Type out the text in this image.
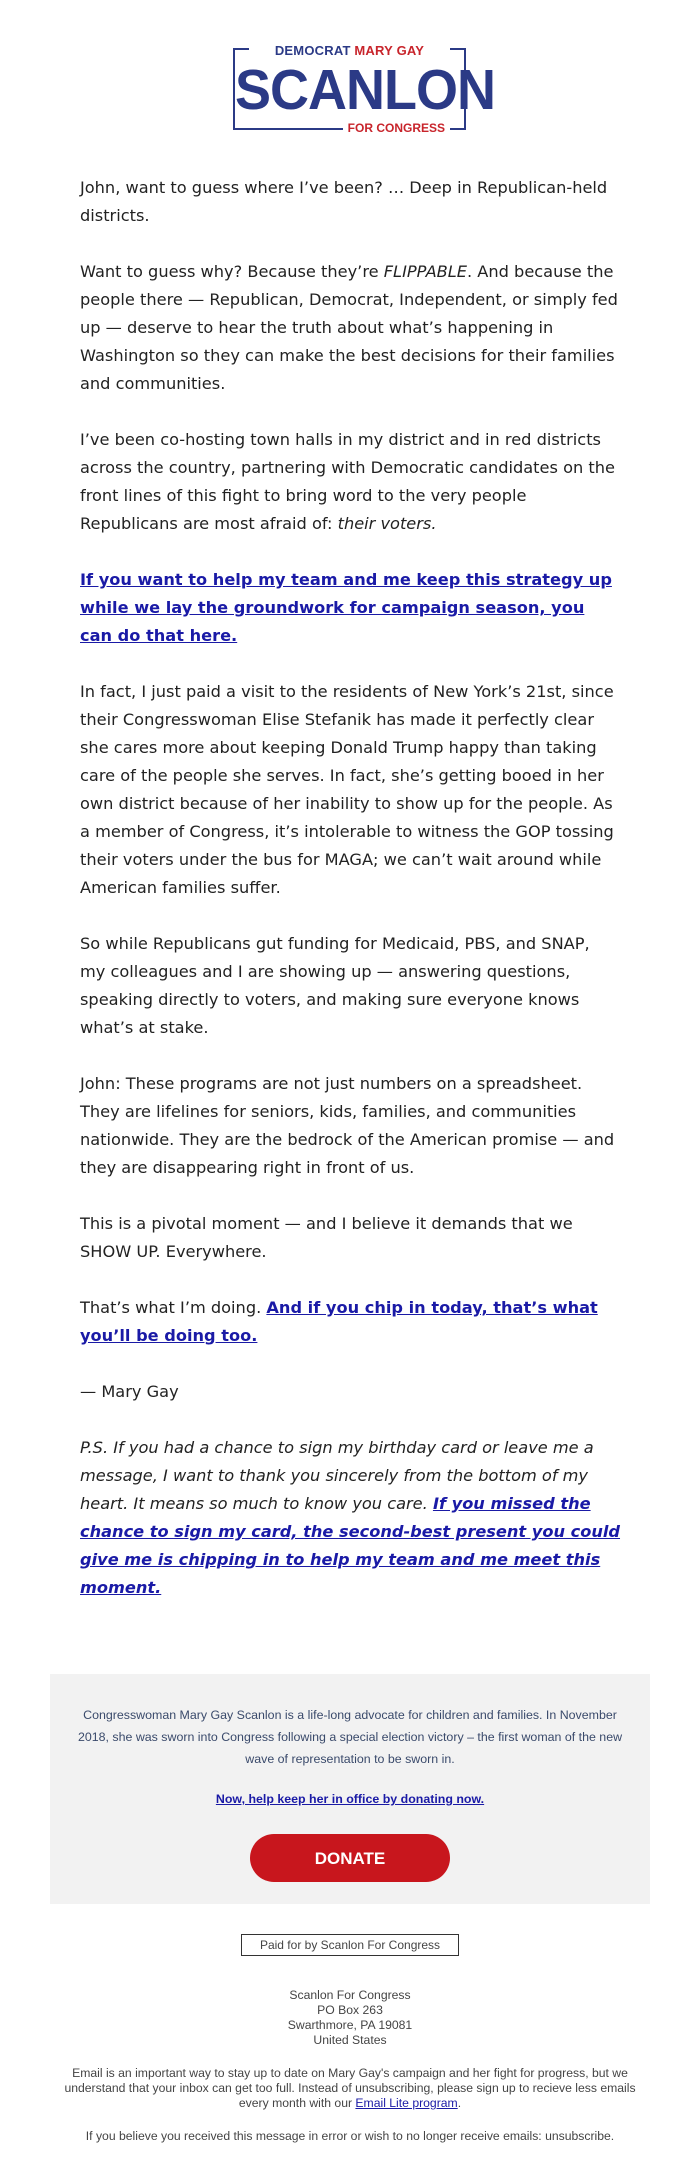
DEMOCRAT MARY GAY
SCANLON
FOR CONGRESS

John, want to guess where I’ve been? … Deep in Republican-held districts.

Want to guess why? Because they’re FLIPPABLE. And because the people there — Republican, Democrat, Independent, or simply fed up — deserve to hear the truth about what’s happening in Washington so they can make the best decisions for their families and communities.

I’ve been co-hosting town halls in my district and in red districts across the country, partnering with Democratic candidates on the front lines of this fight to bring word to the very people Republicans are most afraid of: their voters.

If you want to help my team and me keep this strategy up while we lay the groundwork for campaign season, you can do that here.

In fact, I just paid a visit to the residents of New York’s 21st, since their Congresswoman Elise Stefanik has made it perfectly clear she cares more about keeping Donald Trump happy than taking care of the people she serves. In fact, she’s getting booed in her own district because of her inability to show up for the people. As a member of Congress, it’s intolerable to witness the GOP tossing their voters under the bus for MAGA; we can’t wait around while American families suffer.

So while Republicans gut funding for Medicaid, PBS, and SNAP, my colleagues and I are showing up — answering questions, speaking directly to voters, and making sure everyone knows what’s at stake.

John: These programs are not just numbers on a spreadsheet. They are lifelines for seniors, kids, families, and communities nationwide. They are the bedrock of the American promise — and they are disappearing right in front of us.

This is a pivotal moment — and I believe it demands that we SHOW UP. Everywhere.

That’s what I’m doing. And if you chip in today, that’s what you’ll be doing too.

— Mary Gay

P.S. If you had a chance to sign my birthday card or leave me a message, I want to thank you sincerely from the bottom of my heart. It means so much to know you care. If you missed the chance to sign my card, the second-best present you could give me is chipping in to help my team and me meet this moment.

Congresswoman Mary Gay Scanlon is a life-long advocate for children and families. In November 2018, she was sworn into Congress following a special election victory – the first woman of the new wave of representation to be sworn in.
Now, help keep her in office by donating now.
DONATE
Paid for by Scanlon For Congress
Scanlon For Congress
PO Box 263
Swarthmore, PA 19081
United States
Email is an important way to stay up to date on Mary Gay's campaign and her fight for progress, but we understand that your inbox can get too full. Instead of unsubscribing, please sign up to recieve less emails every month with our Email Lite program.
If you believe you received this message in error or wish to no longer receive emails: unsubscribe.
